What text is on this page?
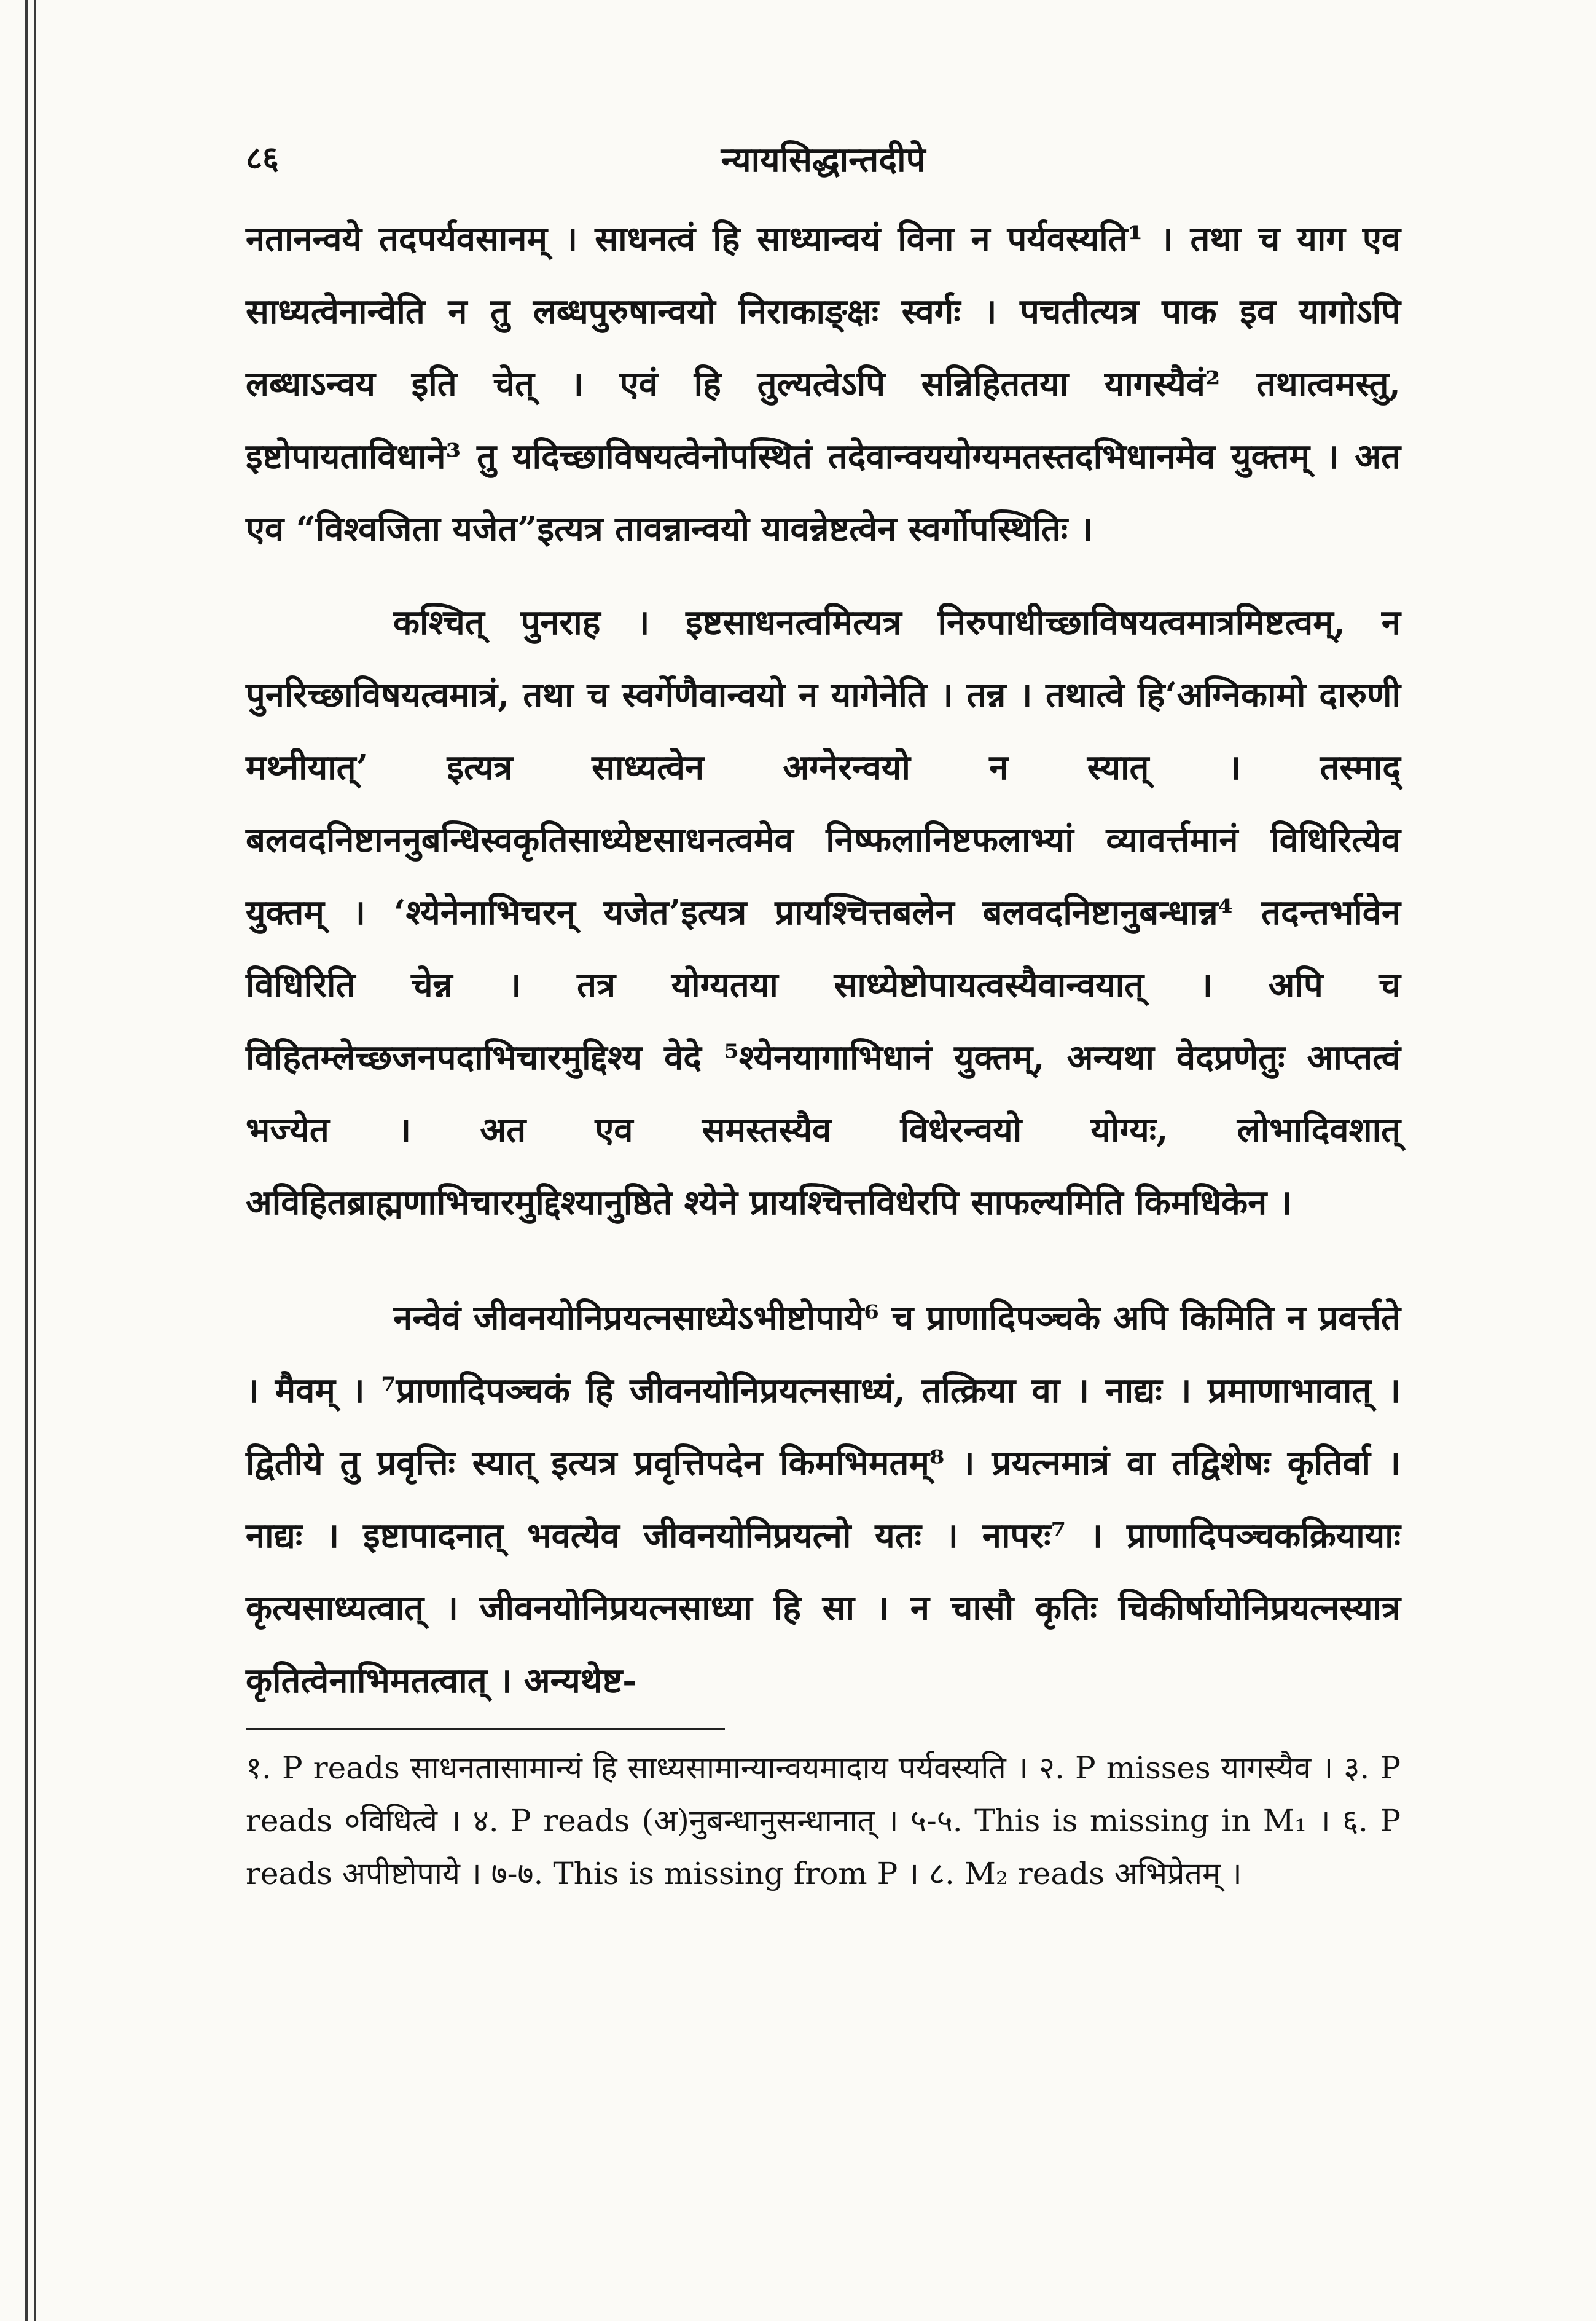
८६	न्यायसिद्धान्तदीपे

नतानन्वये तदपर्यवसानम् । साधनत्वं हि साध्यान्वयं विना न पर्यवस्यति¹ । तथा च याग एव साध्यत्वेनान्वेति न तु लब्धपुरुषान्वयो निराकाङ्क्षः स्वर्गः । पचतीत्यत्र पाक इव यागोऽपि लब्धाऽन्वय इति चेत् । एवं हि तुल्यत्वेऽपि सन्निहिततया यागस्यैवं² तथात्वमस्तु, इष्टोपायताविधाने³ तु यदिच्छाविषयत्वेनोपस्थितं तदेवान्वययोग्यमतस्तदभिधानमेव युक्तम् । अत एव “विश्वजिता यजेत”इत्यत्र तावन्नान्वयो यावन्नेष्टत्वेन स्वर्गोपस्थितिः ।

कश्चित् पुनराह । इष्टसाधनत्वमित्यत्र निरुपाधीच्छाविषयत्वमात्रमिष्टत्वम्, न पुनरिच्छाविषयत्वमात्रं, तथा च स्वर्गेणैवान्वयो न यागेनेति । तन्न । तथात्वे हि‘अग्निकामो दारुणी मथ्नीयात्’ इत्यत्र साध्यत्वेन अग्नेरन्वयो न स्यात् । तस्माद् बलवदनिष्टाननुबन्धिस्वकृतिसाध्येष्टसाधनत्वमेव निष्फलानिष्टफलाभ्यां व्यावर्त्तमानं विधिरित्येव युक्तम् । ‘श्येनेनाभिचरन् यजेत’इत्यत्र प्रायश्चित्तबलेन बलवदनिष्टानुबन्धान्न⁴ तदन्तर्भावेन विधिरिति चेन्न । तत्र योग्यतया साध्येष्टोपायत्वस्यैवान्वयात् । अपि च विहितम्लेच्छजनपदाभिचारमुद्दिश्य वेदे ⁵श्येनयागाभिधानं युक्तम्, अन्यथा वेदप्रणेतुः आप्तत्वं भज्येत । अत एव समस्तस्यैव विधेरन्वयो योग्यः, लोभादिवशात् अविहितब्राह्मणाभिचारमुद्दिश्यानुष्ठिते श्येने प्रायश्चित्तविधेरपि साफल्यमिति किमधिकेन ।

नन्वेवं जीवनयोनिप्रयत्नसाध्येऽभीष्टोपाये⁶ च प्राणादिपञ्चके अपि किमिति न प्रवर्त्तते । मैवम् । ⁷प्राणादिपञ्चकं हि जीवनयोनिप्रयत्नसाध्यं, तत्क्रिया वा । नाद्यः । प्रमाणाभावात् । द्वितीये तु प्रवृत्तिः स्यात् इत्यत्र प्रवृत्तिपदेन किमभिमतम्⁸ । प्रयत्नमात्रं वा तद्विशेषः कृतिर्वा । नाद्यः । इष्टापादनात् भवत्येव जीवनयोनिप्रयत्नो यतः । नापरः⁷ । प्राणादिपञ्चकक्रियायाः कृत्यसाध्यत्वात् । जीवनयोनिप्रयत्नसाध्या हि सा । न चासौ कृतिः चिकीर्षायोनिप्रयत्नस्यात्र कृतित्वेनाभिमतत्वात् । अन्यथेष्ट-

१. P reads साधनतासामान्यं हि साध्यसामान्यान्वयमादाय पर्यवस्यति । २. P misses यागस्यैव । ३. P reads ०विधित्वे । ४. P reads (अ)नुबन्धानुसन्धानात् । ५-५. This is missing in M₁ । ६. P reads अपीष्टोपाये । ७-७. This is missing from P । ८. M₂ reads अभिप्रेतम् ।
